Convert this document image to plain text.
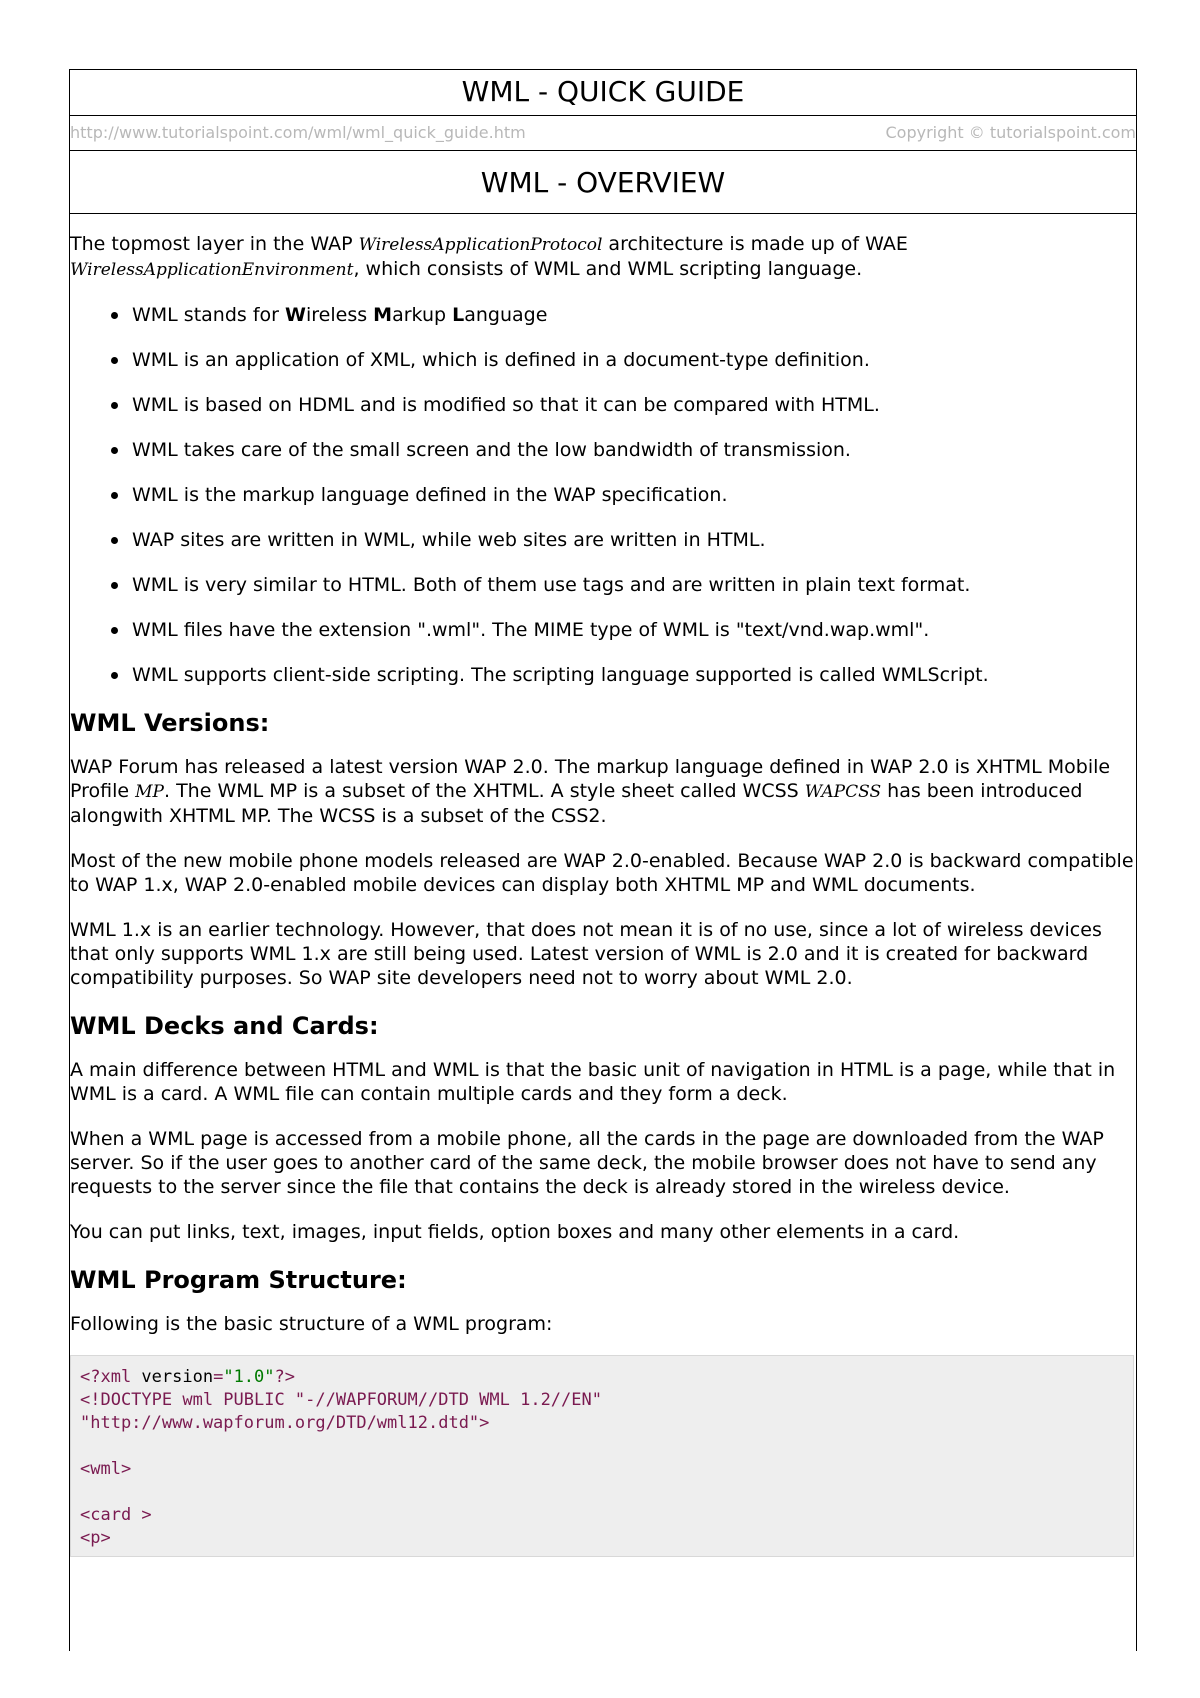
WML - QUICK GUIDE
http://www.tutorialspoint.com/wml/wml_quick_guide.htm	Copyright © tutorialspoint.com
WML - OVERVIEW

The topmost layer in the WAP WirelessApplicationProtocol architecture is made up of WAE WirelessApplicationEnvironment, which consists of WML and WML scripting language.

WML stands for Wireless Markup Language
WML is an application of XML, which is defined in a document-type definition.
WML is based on HDML and is modified so that it can be compared with HTML.
WML takes care of the small screen and the low bandwidth of transmission.
WML is the markup language defined in the WAP specification.
WAP sites are written in WML, while web sites are written in HTML.
WML is very similar to HTML. Both of them use tags and are written in plain text format.
WML files have the extension ".wml". The MIME type of WML is "text/vnd.wap.wml".
WML supports client-side scripting. The scripting language supported is called WMLScript.
WML Versions:

WAP Forum has released a latest version WAP 2.0. The markup language defined in WAP 2.0 is XHTML Mobile Profile MP. The WML MP is a subset of the XHTML. A style sheet called WCSS WAPCSS has been introduced alongwith XHTML MP. The WCSS is a subset of the CSS2.

Most of the new mobile phone models released are WAP 2.0-enabled. Because WAP 2.0 is backward compatible to WAP 1.x, WAP 2.0-enabled mobile devices can display both XHTML MP and WML documents.

WML 1.x is an earlier technology. However, that does not mean it is of no use, since a lot of wireless devices that only supports WML 1.x are still being used. Latest version of WML is 2.0 and it is created for backward compatibility purposes. So WAP site developers need not to worry about WML 2.0.

WML Decks and Cards:

A main difference between HTML and WML is that the basic unit of navigation in HTML is a page, while that in WML is a card. A WML file can contain multiple cards and they form a deck.

When a WML page is accessed from a mobile phone, all the cards in the page are downloaded from the WAP server. So if the user goes to another card of the same deck, the mobile browser does not have to send any requests to the server since the file that contains the deck is already stored in the wireless device.

You can put links, text, images, input fields, option boxes and many other elements in a card.

WML Program Structure:

Following is the basic structure of a WML program:

<?xml version="1.0"?>
<!DOCTYPE wml PUBLIC "-//WAPFORUM//DTD WML 1.2//EN"
"http://www.wapforum.org/DTD/wml12.dtd">
<wml>
<card >
<p>
